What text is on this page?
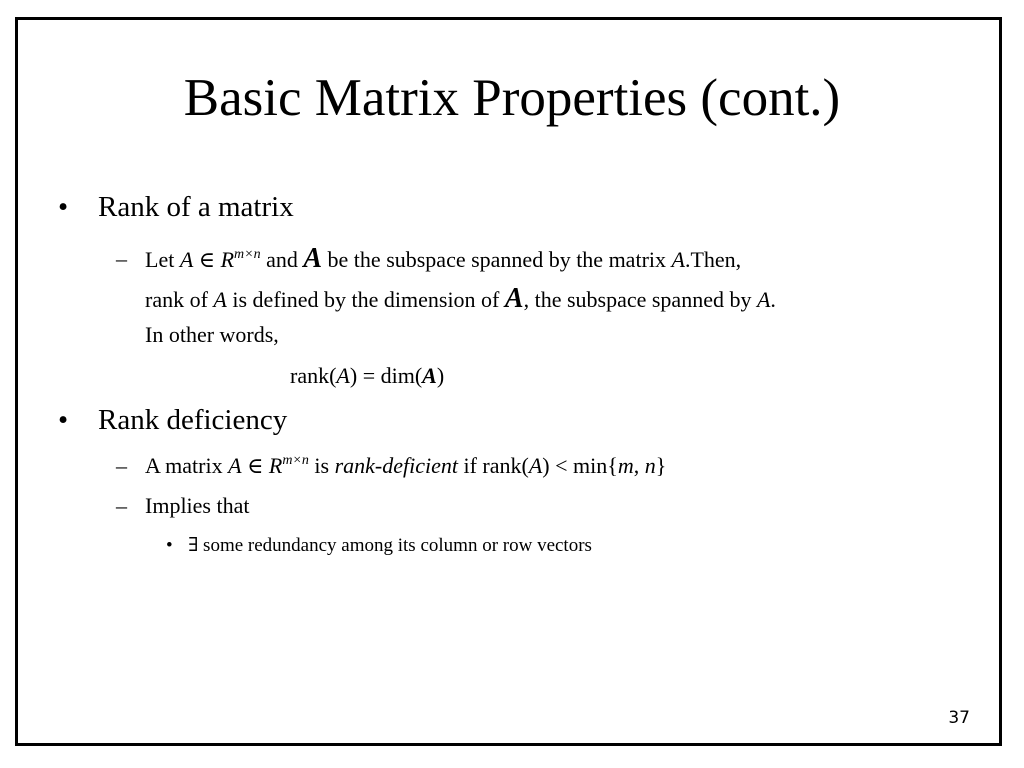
Basic Matrix Properties (cont.)
• Rank of a matrix
– Let A ∈ $R^{m\times n}$ and A be the subspace spanned by the matrix A.Then,
rank of A is defined by the dimension of A, the subspace spanned by A.
In other words,
rank(A) = dim(A)
• Rank deficiency
– A matrix A ∈ $R^{m\times n}$ is rank-deficient if rank(A) < min{m, n}
– Implies that
• ∃ some redundancy among its column or row vectors
37
